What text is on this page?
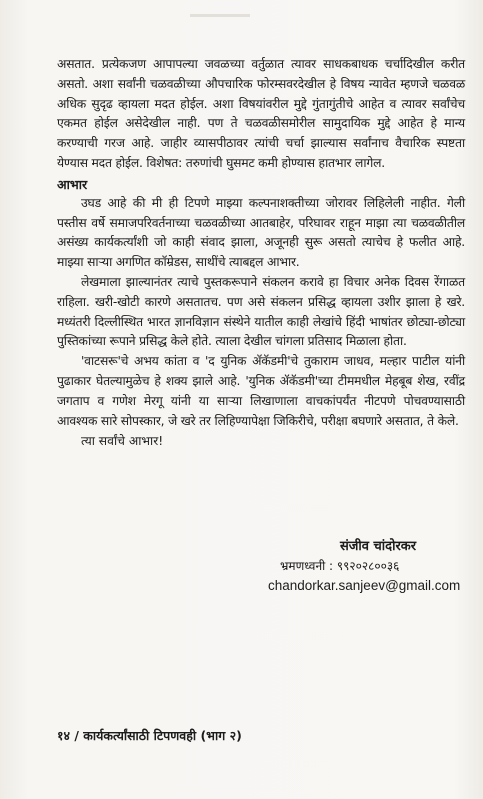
असतात. प्रत्येकजण आपापल्या जवळच्या वर्तुळात त्यावर साधकबाधक चर्चादिखील करीत असतो. अशा सर्वांनी चळवळीच्या औपचारिक फोरम्सवरदेखील हे विषय न्यावेत म्हणजे चळवळ अधिक सुदृढ व्हायला मदत होईल. अशा विषयांवरील मुद्दे गुंतागुंतीचे आहेत व त्यावर सर्वांचेच एकमत होईल असेदेखील नाही. पण ते चळवळीसमोरील सामुदायिक मुद्दे आहेत हे मान्य करण्याची गरज आहे. जाहीर व्यासपीठावर त्यांची चर्चा झाल्यास सर्वांनाच वैचारिक स्पष्टता येण्यास मदत होईल. विशेषत: तरुणांची घुसमट कमी होण्यास हातभार लागेल.

आभार

उघड आहे की मी ही टिपणे माझ्या कल्पनाशक्तीच्या जोरावर लिहिलेली नाहीत. गेली पस्तीस वर्षे समाजपरिवर्तनाच्या चळवळीच्या आतबाहेर, परिघावर राहून माझा त्या चळवळीतील असंख्य कार्यकर्त्यांशी जो काही संवाद झाला, अजूनही सुरू असतो त्याचेच हे फलीत आहे. माझ्या साऱ्या अगणित कॉम्रेडस, साथींचे त्याबद्दल आभार.

लेखमाला झाल्यानंतर त्याचे पुस्तकरूपाने संकलन करावे हा विचार अनेक दिवस रेंगाळत राहिला. खरी-खोटी कारणे असतातच. पण असे संकलन प्रसिद्ध व्हायला उशीर झाला हे खरे. मध्यंतरी दिल्लीस्थित भारत ज्ञानविज्ञान संस्थेने यातील काही लेखांचे हिंदी भाषांतर छोट्या-छोट्या पुस्तिकांच्या रूपाने प्रसिद्ध केले होते. त्याला देखील चांगला प्रतिसाद मिळाला होता.

'वाटसरू'चे अभय कांता व 'द युनिक ॲकॅडमी'चे तुकाराम जाधव, मल्हार पाटील यांनी पुढाकार घेतल्यामुळेच हे शक्य झाले आहे. 'युनिक ॲकॅडमी'च्या टीममधील मेहबूब शेख, रवींद्र जगताप व गणेश मेरगू यांनी या साऱ्या लिखाणाला वाचकांपर्यंत नीटपणे पोचवण्यासाठी आवश्यक सारे सोपस्कार, जे खरे तर लिहिण्यापेक्षा जिकिरीचे, परीक्षा बघणारे असतात, ते केले.

त्या सर्वांचे आभार!

संजीव चांदोरकर

भ्रमणध्वनी : ९९२०२८००३६

chandorkar.sanjeev@gmail.com

१४ / कार्यकर्त्यांसाठी टिपणवही (भाग २)
